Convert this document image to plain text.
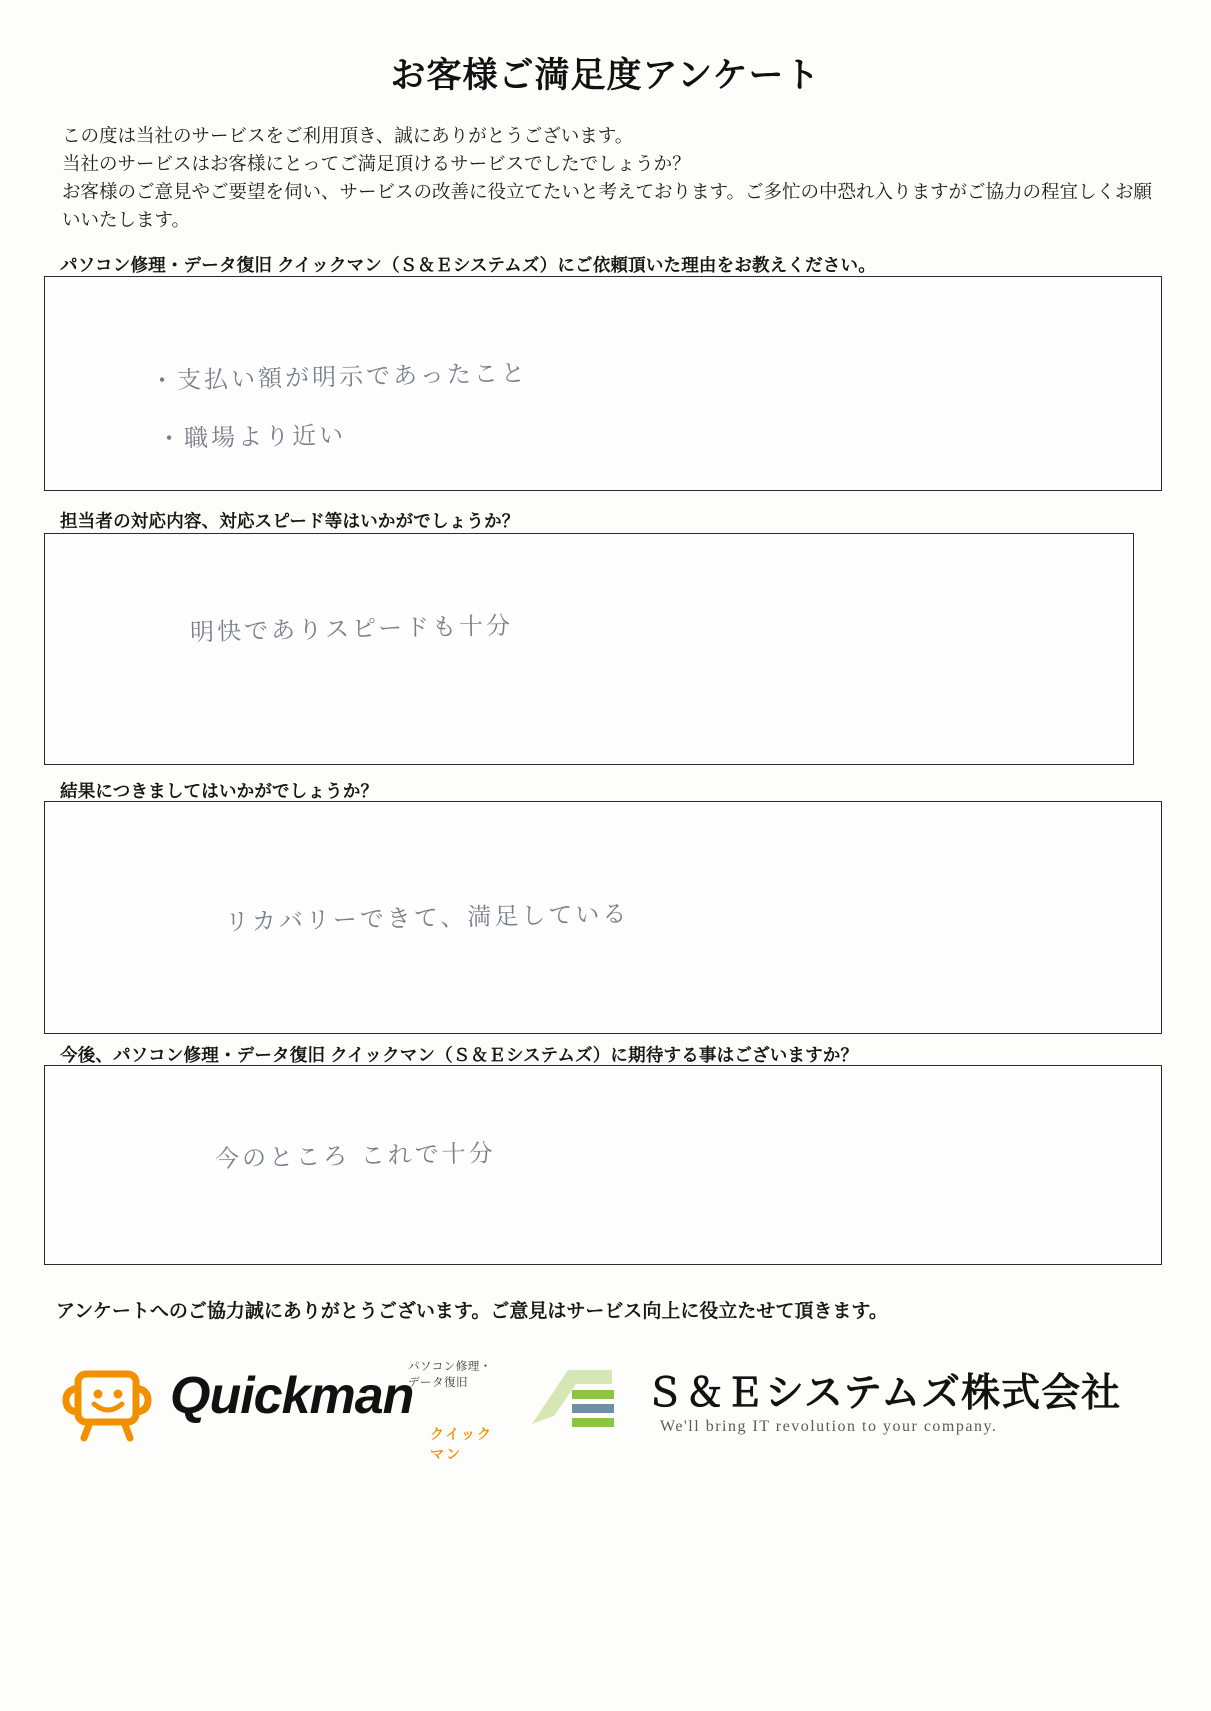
お客様ご満足度アンケート
この度は当社のサービスをご利用頂き、誠にありがとうございます。
当社のサービスはお客様にとってご満足頂けるサービスでしたでしょうか？
お客様のご意見やご要望を伺い、サービスの改善に役立てたいと考えております。ご多忙の中恐れ入りますがご協力の程宜しくお願いいたします。
パソコン修理・データ復旧 クイックマン（Ｓ＆Ｅシステムズ）にご依頼頂いた理由をお教えください。
・支払い額が明示であったこと
・職場より近い
担当者の対応内容、対応スピード等はいかがでしょうか？
明快でありスピードも十分
結果につきましてはいかがでしょうか？
リカバリーできて、満足している
今後、パソコン修理・データ復旧 クイックマン（Ｓ＆Ｅシステムズ）に期待する事はございますか？
今のところ これで十分
アンケートへのご協力誠にありがとうございます。ご意見はサービス向上に役立たせて頂きます。
Quickman
パソコン修理・データ復旧
クイックマン
Ｓ＆Ｅシステムズ株式会社
We'll bring IT revolution to your company.
